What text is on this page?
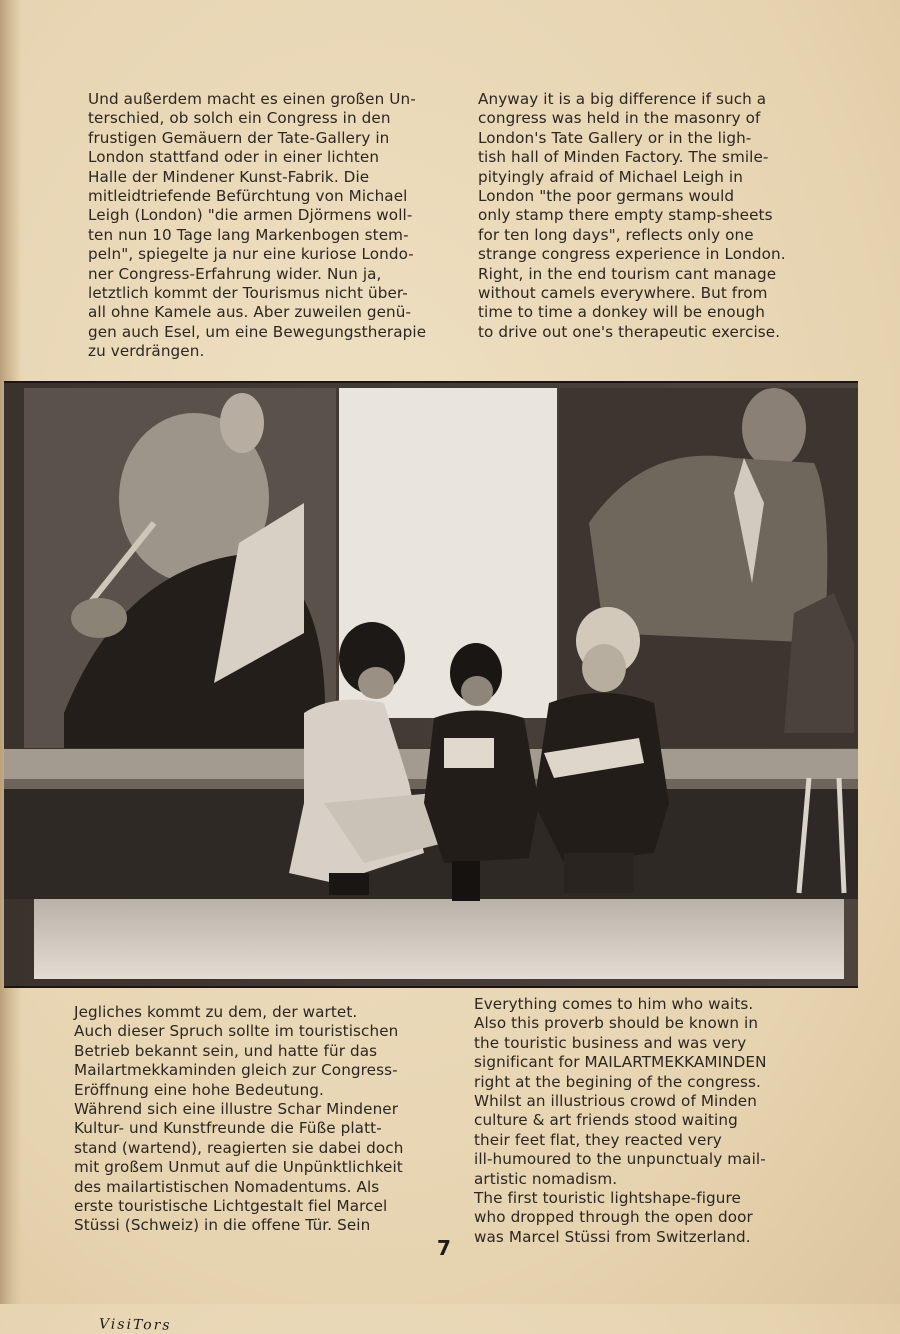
Und außerdem macht es einen großen Un-

terschied, ob solch ein Congress in den

frustigen Gemäuern der Tate-Gallery in

London stattfand oder in einer lichten

Halle der Mindener Kunst-Fabrik. Die

mitleidtriefende Befürchtung von Michael

Leigh (London) "die armen Djörmens woll-

ten nun 10 Tage lang Markenbogen stem-

peln", spiegelte ja nur eine kuriose Londo-

ner Congress-Erfahrung wider. Nun ja,

letztlich kommt der Tourismus nicht über-

all ohne Kamele aus. Aber zuweilen genü-

gen auch Esel, um eine Bewegungstherapie

zu verdrängen.

Anyway it is a big difference if such a

congress was held in the masonry of

London's Tate Gallery or in the ligh-

tish hall of Minden Factory. The smile-

pityingly afraid of Michael Leigh in

London "the poor germans would

only stamp there empty stamp-sheets

for ten long days", reflects only one

strange congress experience in London.

Right, in the end tourism cant manage

without camels everywhere. But from

time to time a donkey will be enough

to drive out one's therapeutic exercise.

VisiTors

Jegliches kommt zu dem, der wartet.

Auch dieser Spruch sollte im touristischen

Betrieb bekannt sein, und hatte für das

Mailartmekkaminden gleich zur Congress-

Eröffnung eine hohe Bedeutung.

Während sich eine illustre Schar Mindener

Kultur- und Kunstfreunde die Füße platt-

stand (wartend), reagierten sie dabei doch

mit großem Unmut auf die Unpünktlichkeit

des mailartistischen Nomadentums. Als

erste touristische Lichtgestalt fiel Marcel

Stüssi (Schweiz) in die offene Tür. Sein

Everything comes to him who waits.

Also this proverb should be known in

the touristic business and was very

significant for MAILARTMEKKAMINDEN

right at the begining of the congress.

Whilst an illustrious crowd of Minden

culture & art friends stood waiting

their feet flat, they reacted very

ill-humoured to the unpunctualy mail-

artistic nomadism.

The first touristic lightshape-figure

who dropped through the open door

was Marcel Stüssi from Switzerland.

7
